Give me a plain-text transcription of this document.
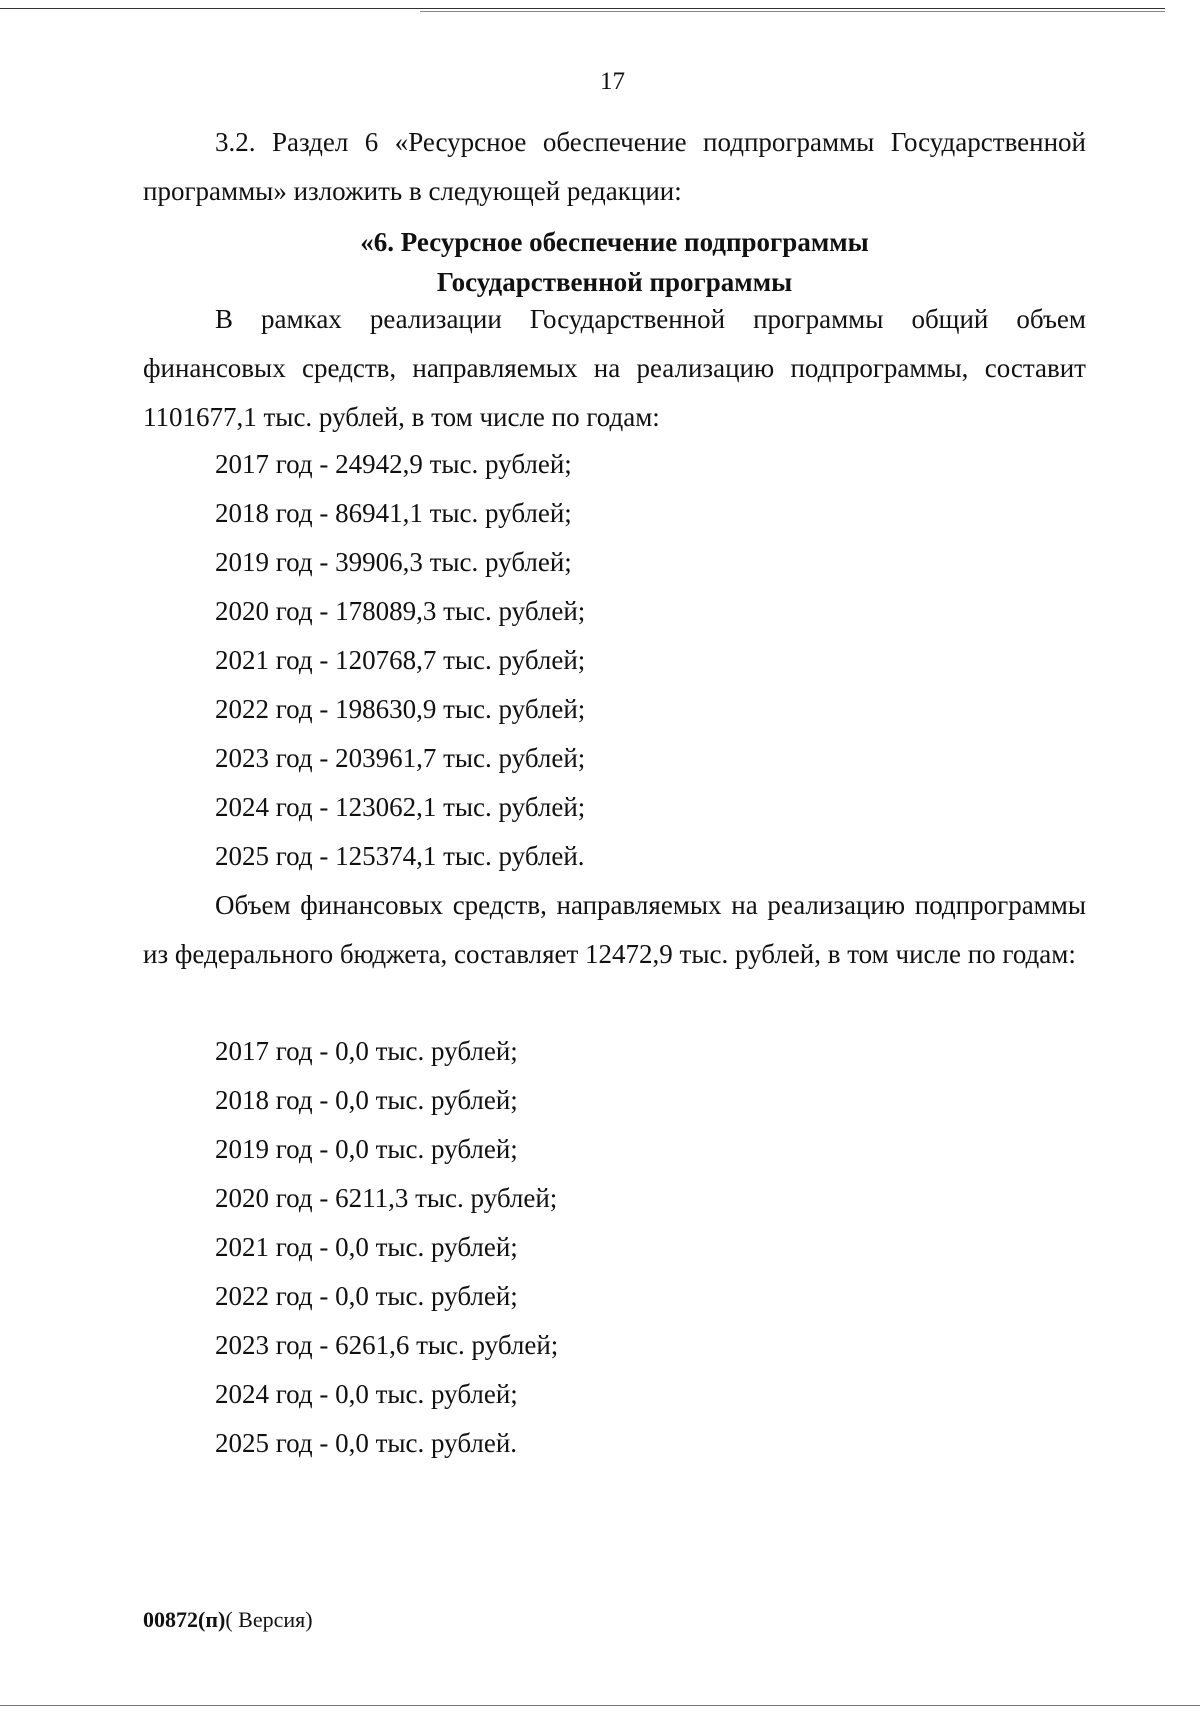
17

3.2. Раздел 6 «Ресурсное обеспечение подпрограммы Государственной программы» изложить в следующей редакции:

«6. Ресурсное обеспечение подпрограммы
Государственной программы

В рамках реализации Государственной программы общий объем финансовых средств, направляемых на реализацию подпрограммы, составит 1101677,1 тыс. рублей, в том числе по годам:

2017 год - 24942,9 тыс. рублей;
2018 год - 86941,1 тыс. рублей;
2019 год - 39906,3 тыс. рублей;
2020 год - 178089,3 тыс. рублей;
2021 год - 120768,7 тыс. рублей;
2022 год - 198630,9 тыс. рублей;
2023 год - 203961,7 тыс. рублей;
2024 год - 123062,1 тыс. рублей;
2025 год - 125374,1 тыс. рублей.

Объем финансовых средств, направляемых на реализацию подпрограммы из федерального бюджета, составляет 12472,9 тыс. рублей, в том числе по годам:

2017 год - 0,0 тыс. рублей;
2018 год - 0,0 тыс. рублей;
2019 год - 0,0 тыс. рублей;
2020 год - 6211,3 тыс. рублей;
2021 год - 0,0 тыс. рублей;
2022 год - 0,0 тыс. рублей;
2023 год - 6261,6 тыс. рублей;
2024 год - 0,0 тыс. рублей;
2025 год - 0,0 тыс. рублей.
00872(п)( Версия)
